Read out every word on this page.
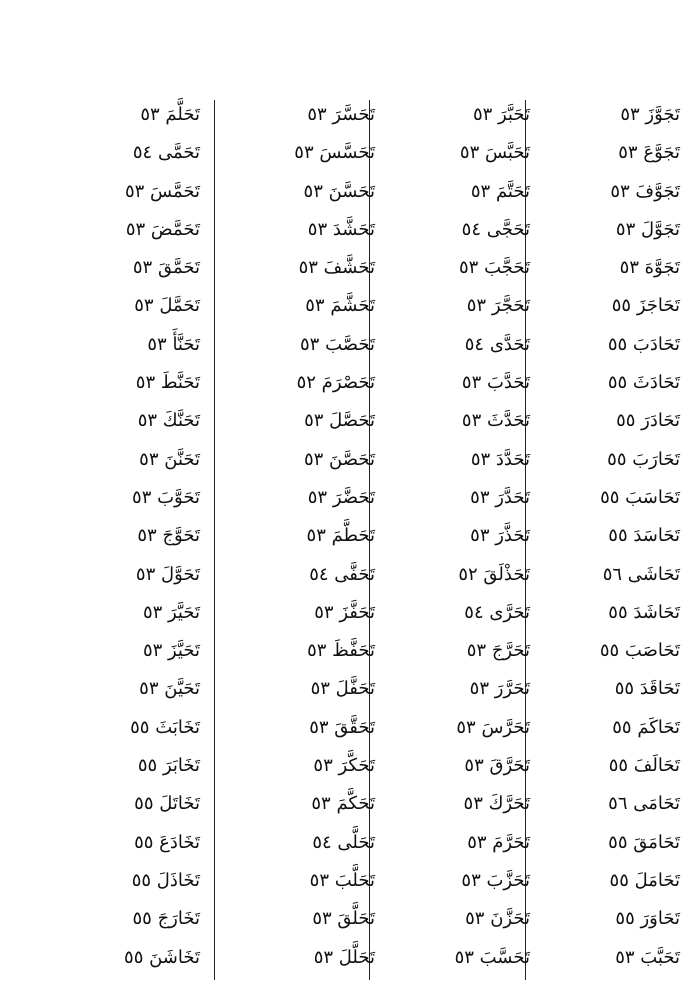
تَجَوَّزَ ٥٣
تَجَوَّعَ ٥٣
تَجَوَّفَ ٥٣
تَجَوَّلَ ٥٣
تَجَوَّهَ ٥٣
تَحَاجَزَ ٥٥
تَحَادَبَ ٥٥
تَحَادَثَ ٥٥
تَحَادَرَ ٥٥
تَحَارَبَ ٥٥
تَحَاسَبَ ٥٥
تَحَاسَدَ ٥٥
تَحَاشَى ٥٦
تَحَاشَدَ ٥٥
تَحَاصَبَ ٥٥
تَحَاقَدَ ٥٥
تَحَاكَمَ ٥٥
تَحَالَفَ ٥٥
تَحَامَى ٥٦
تَحَامَقَ ٥٥
تَحَامَلَ ٥٥
تَحَاوَرَ ٥٥
تَحَبَّبَ ٥٣
تَحَبَّرَ ٥٣
تَحَبَّسَ ٥٣
تَحَتَّمَ ٥٣
تَحَجَّى ٥٤
تَحَجَّبَ ٥٣
تَحَجَّرَ ٥٣
تَحَدَّى ٥٤
تَحَدَّبَ ٥٣
تَحَدَّثَ ٥٣
تَحَدَّدَ ٥٣
تَحَدَّرَ ٥٣
تَحَذَّرَ ٥٣
تَحَذْلَقَ ٥٢
تَحَرَّى ٥٤
تَحَرَّجَ ٥٣
تَحَرَّرَ ٥٣
تَحَرَّسَ ٥٣
تَحَرَّقَ ٥٣
تَحَرَّكَ ٥٣
تَحَرَّمَ ٥٣
تَحَزَّبَ ٥٣
تَحَزَّنَ ٥٣
تَحَسَّبَ ٥٣
تَحَسَّرَ ٥٣
تَحَسَّسَ ٥٣
تَحَسَّنَ ٥٣
تَحَشَّدَ ٥٣
تَحَشَّفَ ٥٣
تَحَشَّمَ ٥٣
تَحَصَّبَ ٥٣
تَحَصْرَمَ ٥٢
تَحَصَّلَ ٥٣
تَحَصَّنَ ٥٣
تَحَضَّرَ ٥٣
تَحَطَّمَ ٥٣
تَحَفَّى ٥٤
تَحَفَّزَ ٥٣
تَحَفَّظَ ٥٣
تَحَفَّلَ ٥٣
تَحَقَّقَ ٥٣
تَحَكَّرَ ٥٣
تَحَكَّمَ ٥٣
تَحَلَّى ٥٤
تَحَلَّبَ ٥٣
تَحَلَّقَ ٥٣
تَحَلَّلَ ٥٣
تَحَلَّمَ ٥٣
تَحَمَّى ٥٤
تَحَمَّسَ ٥٣
تَحَمَّضَ ٥٣
تَحَمَّقَ ٥٣
تَحَمَّلَ ٥٣
تَحَنَّأَ ٥٣
تَحَنَّطَ ٥٣
تَحَنَّكَ ٥٣
تَحَنَّنَ ٥٣
تَحَوَّبَ ٥٣
تَحَوَّجَ ٥٣
تَحَوَّلَ ٥٣
تَحَيَّرَ ٥٣
تَحَيَّزَ ٥٣
تَحَيَّنَ ٥٣
تَخَابَثَ ٥٥
تَخَابَرَ ٥٥
تَخَاتَلَ ٥٥
تَخَادَعَ ٥٥
تَخَاذَلَ ٥٥
تَخَارَجَ ٥٥
تَخَاشَنَ ٥٥
